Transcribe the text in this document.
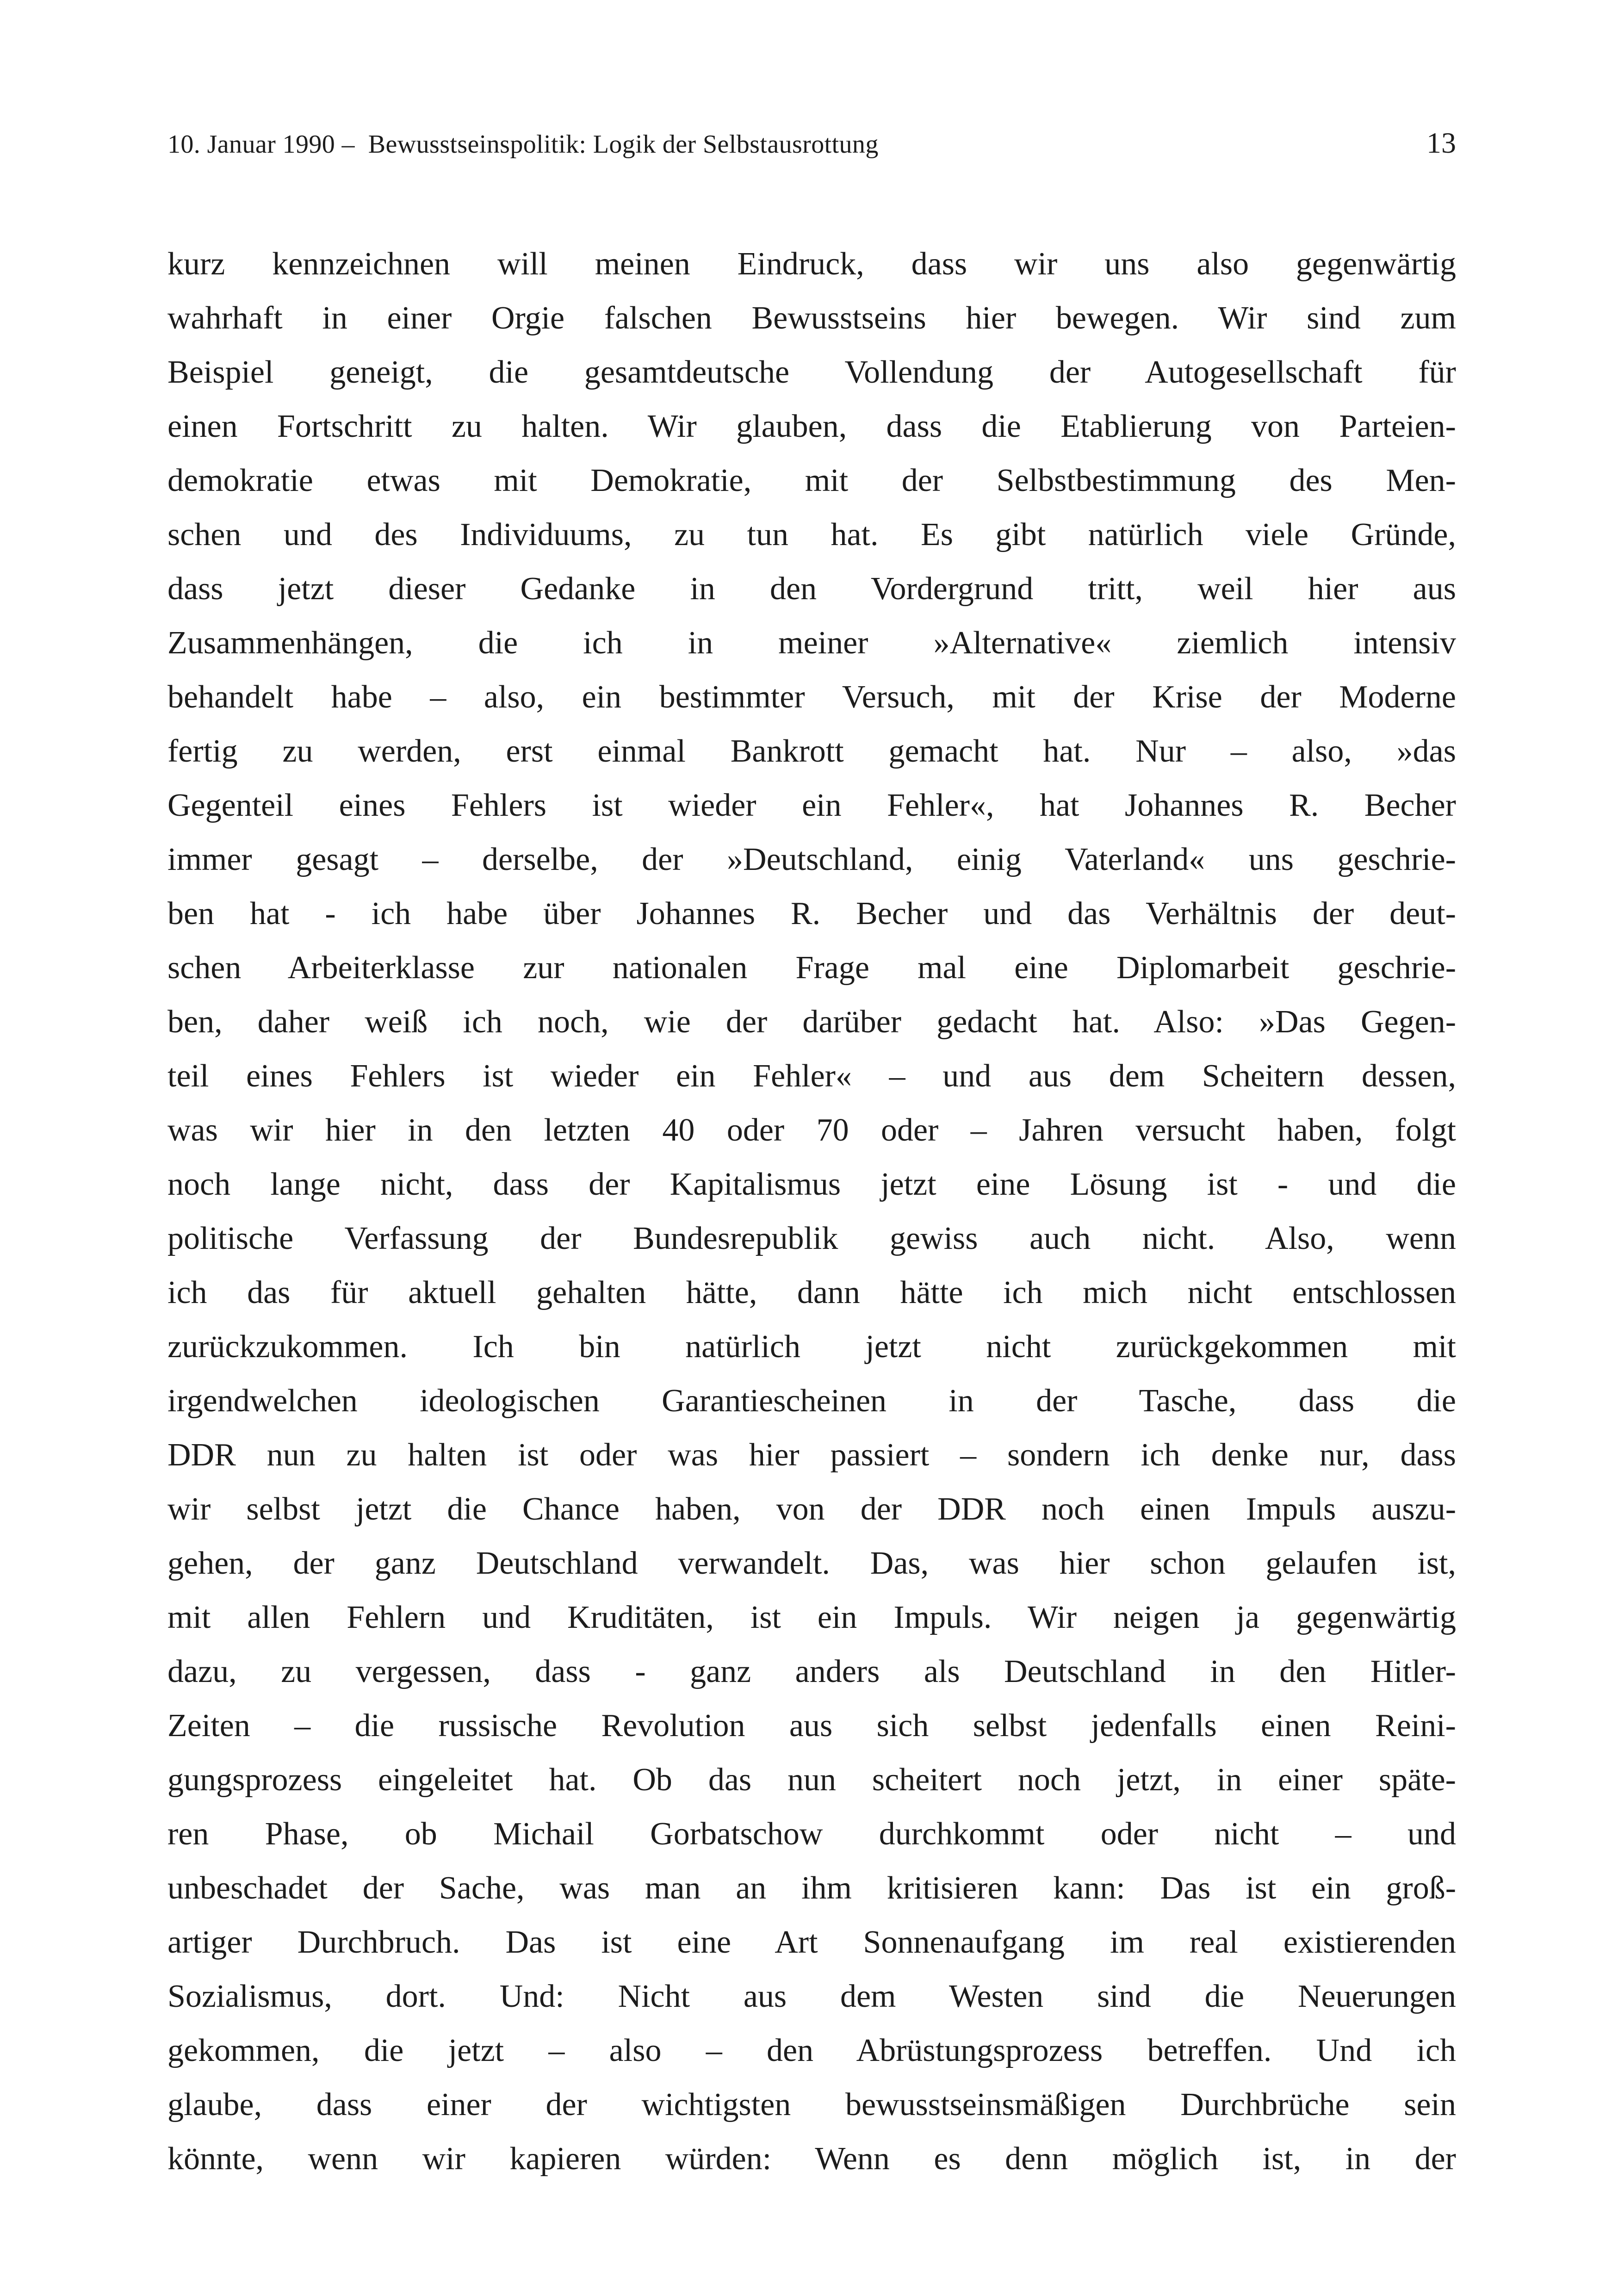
10. Januar 1990 –  Bewusstseinspolitik: Logik der Selbstausrottung	13
kurz kennzeichnen will meinen Eindruck, dass wir uns also gegenwärtig
wahrhaft in einer Orgie falschen Bewusstseins hier bewegen. Wir sind zum
Beispiel geneigt, die gesamtdeutsche Vollendung der Autogesellschaft für
einen Fortschritt zu halten. Wir glauben, dass die Etablierung von Parteien-
demokratie etwas mit Demokratie, mit der Selbstbestimmung des Men-
schen und des Individuums, zu tun hat. Es gibt natürlich viele Gründe,
dass jetzt dieser Gedanke in den Vordergrund tritt, weil hier aus
Zusammenhängen, die ich in meiner »Alternative« ziemlich intensiv
behandelt habe – also, ein bestimmter Versuch, mit der Krise der Moderne
fertig zu werden, erst einmal Bankrott gemacht hat. Nur – also, »das
Gegenteil eines Fehlers ist wieder ein Fehler«, hat Johannes R. Becher
immer gesagt – derselbe, der »Deutschland, einig Vaterland« uns geschrie-
ben hat - ich habe über Johannes R. Becher und das Verhältnis der deut-
schen Arbeiterklasse zur nationalen Frage mal eine Diplomarbeit geschrie-
ben, daher weiß ich noch, wie der darüber gedacht hat. Also: »Das Gegen-
teil eines Fehlers ist wieder ein Fehler« – und aus dem Scheitern dessen,
was wir hier in den letzten 40 oder 70 oder – Jahren versucht haben, folgt
noch lange nicht, dass der Kapitalismus jetzt eine Lösung ist - und die
politische Verfassung der Bundesrepublik gewiss auch nicht. Also, wenn
ich das für aktuell gehalten hätte, dann hätte ich mich nicht entschlossen
zurückzukommen. Ich bin natürlich jetzt nicht zurückgekommen mit
irgendwelchen ideologischen Garantiescheinen in der Tasche, dass die
DDR nun zu halten ist oder was hier passiert – sondern ich denke nur, dass
wir selbst jetzt die Chance haben, von der DDR noch einen Impuls auszu-
gehen, der ganz Deutschland verwandelt. Das, was hier schon gelaufen ist,
mit allen Fehlern und Kruditäten, ist ein Impuls. Wir neigen ja gegenwärtig
dazu, zu vergessen, dass - ganz anders als Deutschland in den Hitler-
Zeiten – die russische Revolution aus sich selbst jedenfalls einen Reini-
gungsprozess eingeleitet hat. Ob das nun scheitert noch jetzt, in einer späte-
ren Phase, ob Michail Gorbatschow durchkommt oder nicht – und
unbeschadet der Sache, was man an ihm kritisieren kann: Das ist ein groß-
artiger Durchbruch. Das ist eine Art Sonnenaufgang im real existierenden
Sozialismus, dort. Und: Nicht aus dem Westen sind die Neuerungen
gekommen, die jetzt – also – den Abrüstungsprozess betreffen. Und ich
glaube, dass einer der wichtigsten bewusstseinsmäßigen Durchbrüche sein
könnte, wenn wir kapieren würden: Wenn es denn möglich ist, in der
